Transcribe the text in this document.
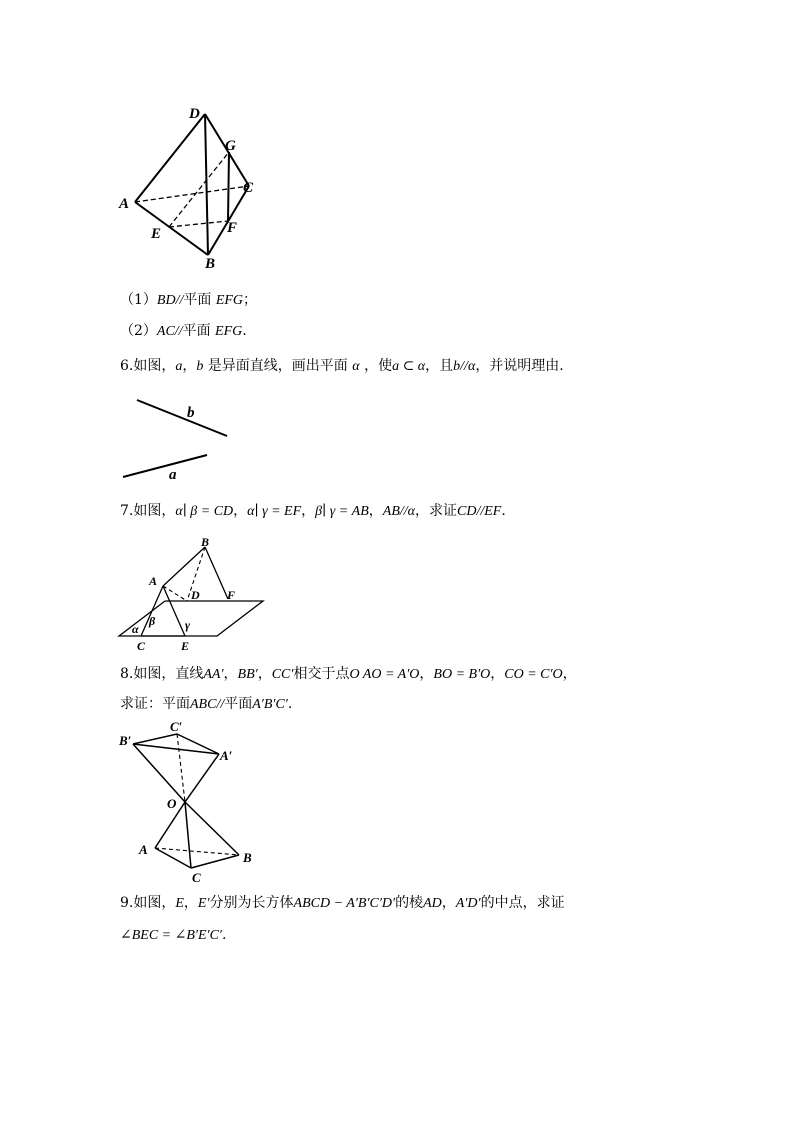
D
G
C
A
E	F
B
（1）BD//平面 EFG；
（2）AC//平面 EFG.
6.如图，a，b 是异面直线，画出平面 α ，使a ⊂ α，且b//α，并说明理由.
b
a
7.如图，α∣ β = CD，α∣ γ = EF，β∣ γ = AB，AB//α，求证CD//EF.
B
A
D F
α
β γ
C	E
8.如图，直线AA′，BB′，CC′相交于点O AO = A′O，BO = B′O，CO = C′O，
求证：平面ABC//平面A′B′C′.
C′
B′
A′
O
A
B
C
9.如图，E，E′分别为长方体ABCD − A′B′C′D′的棱AD，A′D′的中点，求证
∠BEC = ∠B′E′C′.
